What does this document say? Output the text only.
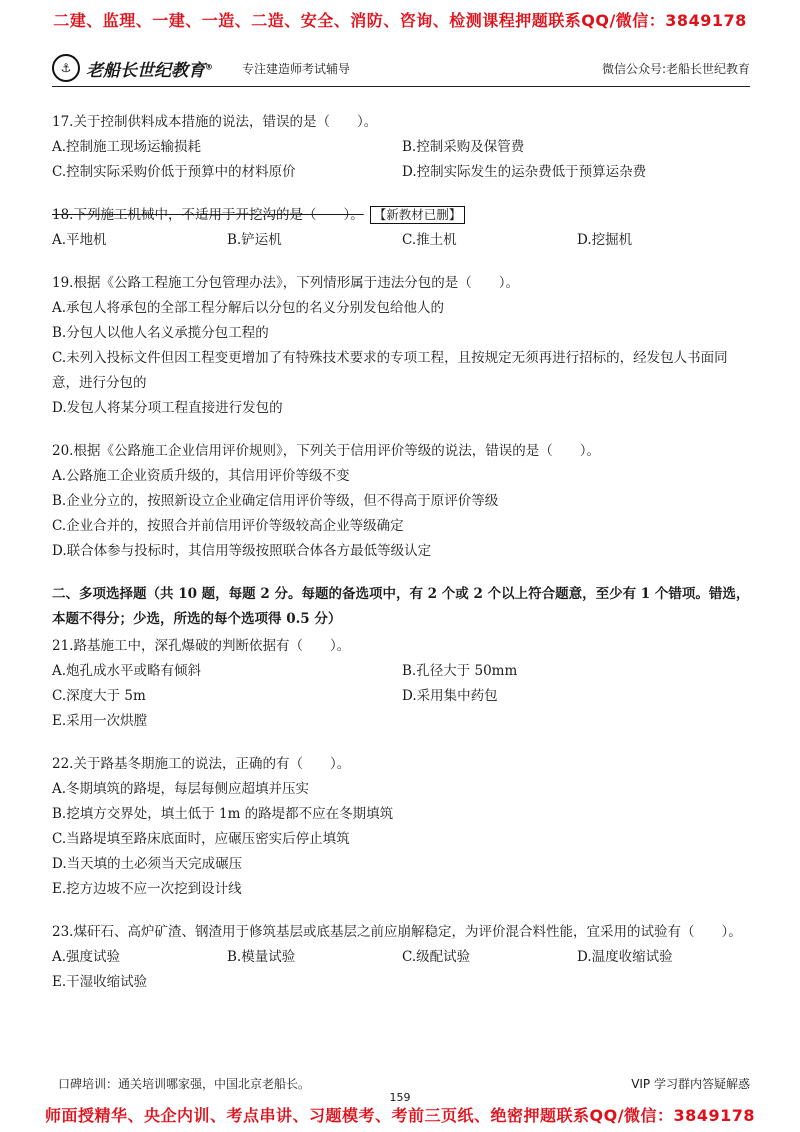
二建、监理、一建、一造、二造、安全、消防、咨询、检测课程押题联系QQ/微信：3849178
⚓ 老船长世纪教育® 专注建造师考试辅导	微信公众号:老船长世纪教育
17.关于控制供料成本措施的说法，错误的是（　　）。
A.控制施工现场运输损耗	B.控制采购及保管费
C.控制实际采购价低于预算中的材料原价	D.控制实际发生的运杂费低于预算运杂费
18.下列施工机械中，不适用于开挖沟的是（　　）。 【新教材已删】
A.平地机	B.铲运机	C.推土机	D.挖掘机
19.根据《公路工程施工分包管理办法》，下列情形属于违法分包的是（　　）。
A.承包人将承包的全部工程分解后以分包的名义分别发包给他人的
B.分包人以他人名义承揽分包工程的
C.未列入投标文件但因工程变更增加了有特殊技术要求的专项工程，且按规定无须再进行招标的，经发包人书面同意，进行分包的
D.发包人将某分项工程直接进行发包的
20.根据《公路施工企业信用评价规则》，下列关于信用评价等级的说法，错误的是（　　）。
A.公路施工企业资质升级的，其信用评价等级不变
B.企业分立的，按照新设立企业确定信用评价等级，但不得高于原评价等级
C.企业合并的，按照合并前信用评价等级较高企业等级确定
D.联合体参与投标时，其信用等级按照联合体各方最低等级认定
二、多项选择题（共 10 题，每题 2 分。每题的备选项中，有 2 个或 2 个以上符合题意，至少有 1 个错项。错选，本题不得分；少选，所选的每个选项得 0.5 分）
21.路基施工中，深孔爆破的判断依据有（　　）。
A.炮孔成水平或略有倾斜	B.孔径大于 50mm
C.深度大于 5m	D.采用集中药包
E.采用一次烘膛
22.关于路基冬期施工的说法，正确的有（　　）。
A.冬期填筑的路堤，每层每侧应超填并压实
B.挖填方交界处，填土低于 1m 的路堤都不应在冬期填筑
C.当路堤填至路床底面时，应碾压密实后停止填筑
D.当天填的土必须当天完成碾压
E.挖方边坡不应一次挖到设计线
23.煤矸石、高炉矿渣、钢渣用于修筑基层或底基层之前应崩解稳定，为评价混合料性能，宜采用的试验有（　　）。
A.强度试验	B.模量试验	C.级配试验	D.温度收缩试验
E.干湿收缩试验
口碑培训：通关培训哪家强，中国北京老船长。	VIP 学习群内答疑解惑
159
师面授精华、央企内训、考点串讲、习题模考、考前三页纸、绝密押题联系QQ/微信：3849178
